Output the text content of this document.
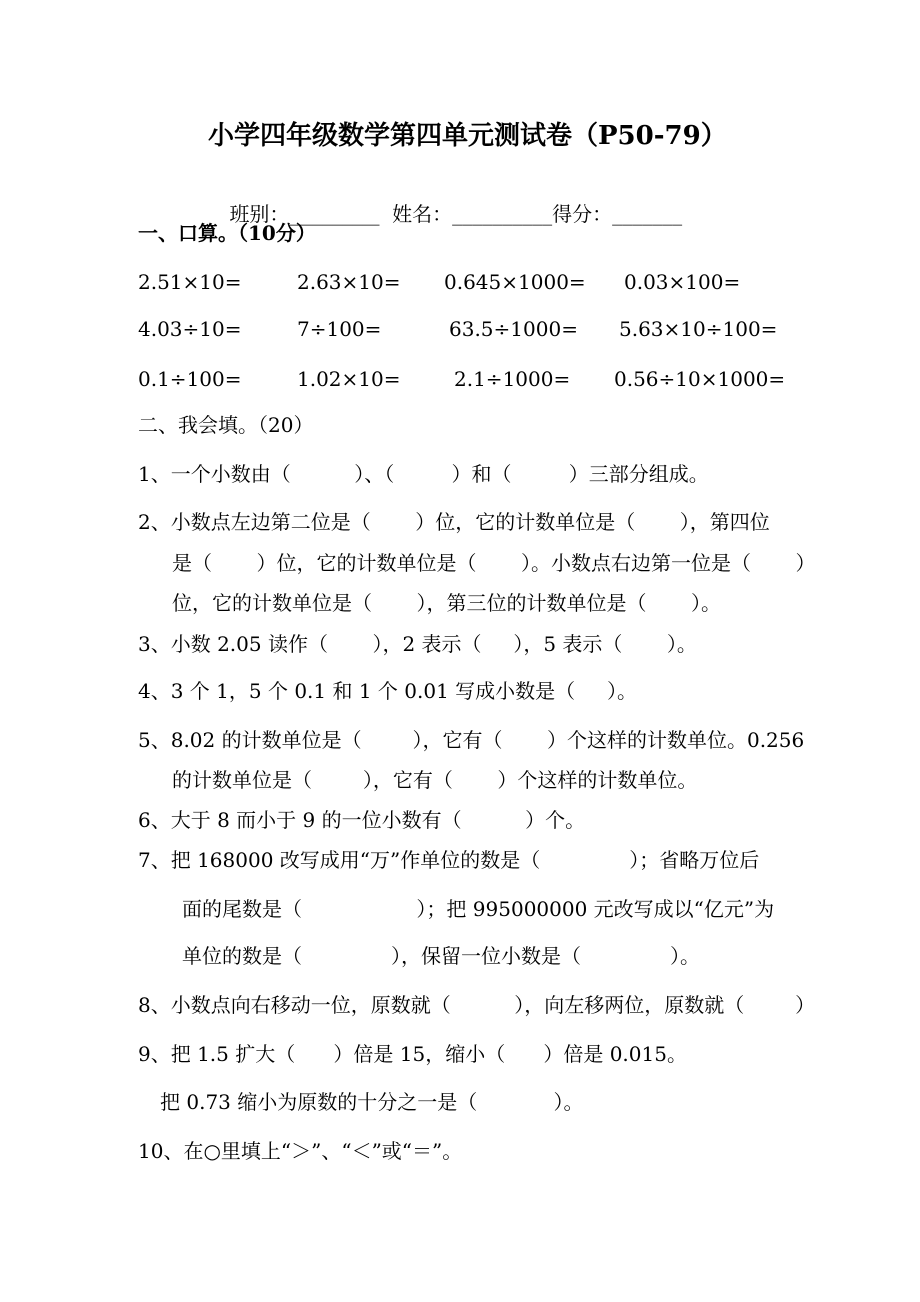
小学四年级数学第四单元测试卷（P50-79）

班别：_________ 姓名：__________得分：_______

一、口算。（10分）
2.51×10=	2.63×10= 0.645×1000= 0.03×100=
4.03÷10=	7÷100=	63.5÷1000= 5.63×10÷100=
0.1÷100=	1.02×10=	2.1÷1000= 0.56÷10×1000=
二、我会填。（20）
1、一个小数由（          ）、（         ）和（         ）三部分组成。
2、小数点左边第二位是（       ）位，它的计数单位是（       ），第四位
是（       ）位，它的计数单位是（       ）。小数点右边第一位是（       ）
位，它的计数单位是（       ），第三位的计数单位是（       ）。
3、小数 2.05 读作（       ），2 表示（     ），5 表示（       ）。
4、3 个 1，5 个 0.1 和 1 个 0.01 写成小数是（     ）。
5、8.02 的计数单位是（        ），它有（       ）个这样的计数单位。0.256
的计数单位是（        ），它有（       ）个这样的计数单位。
6、大于 8 而小于 9 的一位小数有（          ）个。
7、把 168000 改写成用“万”作单位的数是（              ）；省略万位后
面的尾数是（                  ）；把 995000000 元改写成以“亿元”为
单位的数是（              ），保留一位小数是（              ）。
8、小数点向右移动一位，原数就（          ），向左移两位，原数就（        ）
9、把 1.5 扩大（      ）倍是 15，缩小（      ）倍是 0.015。
把 0.73 缩小为原数的十分之一是（            ）。
10、在○里填上“＞”、“＜”或“＝”。
